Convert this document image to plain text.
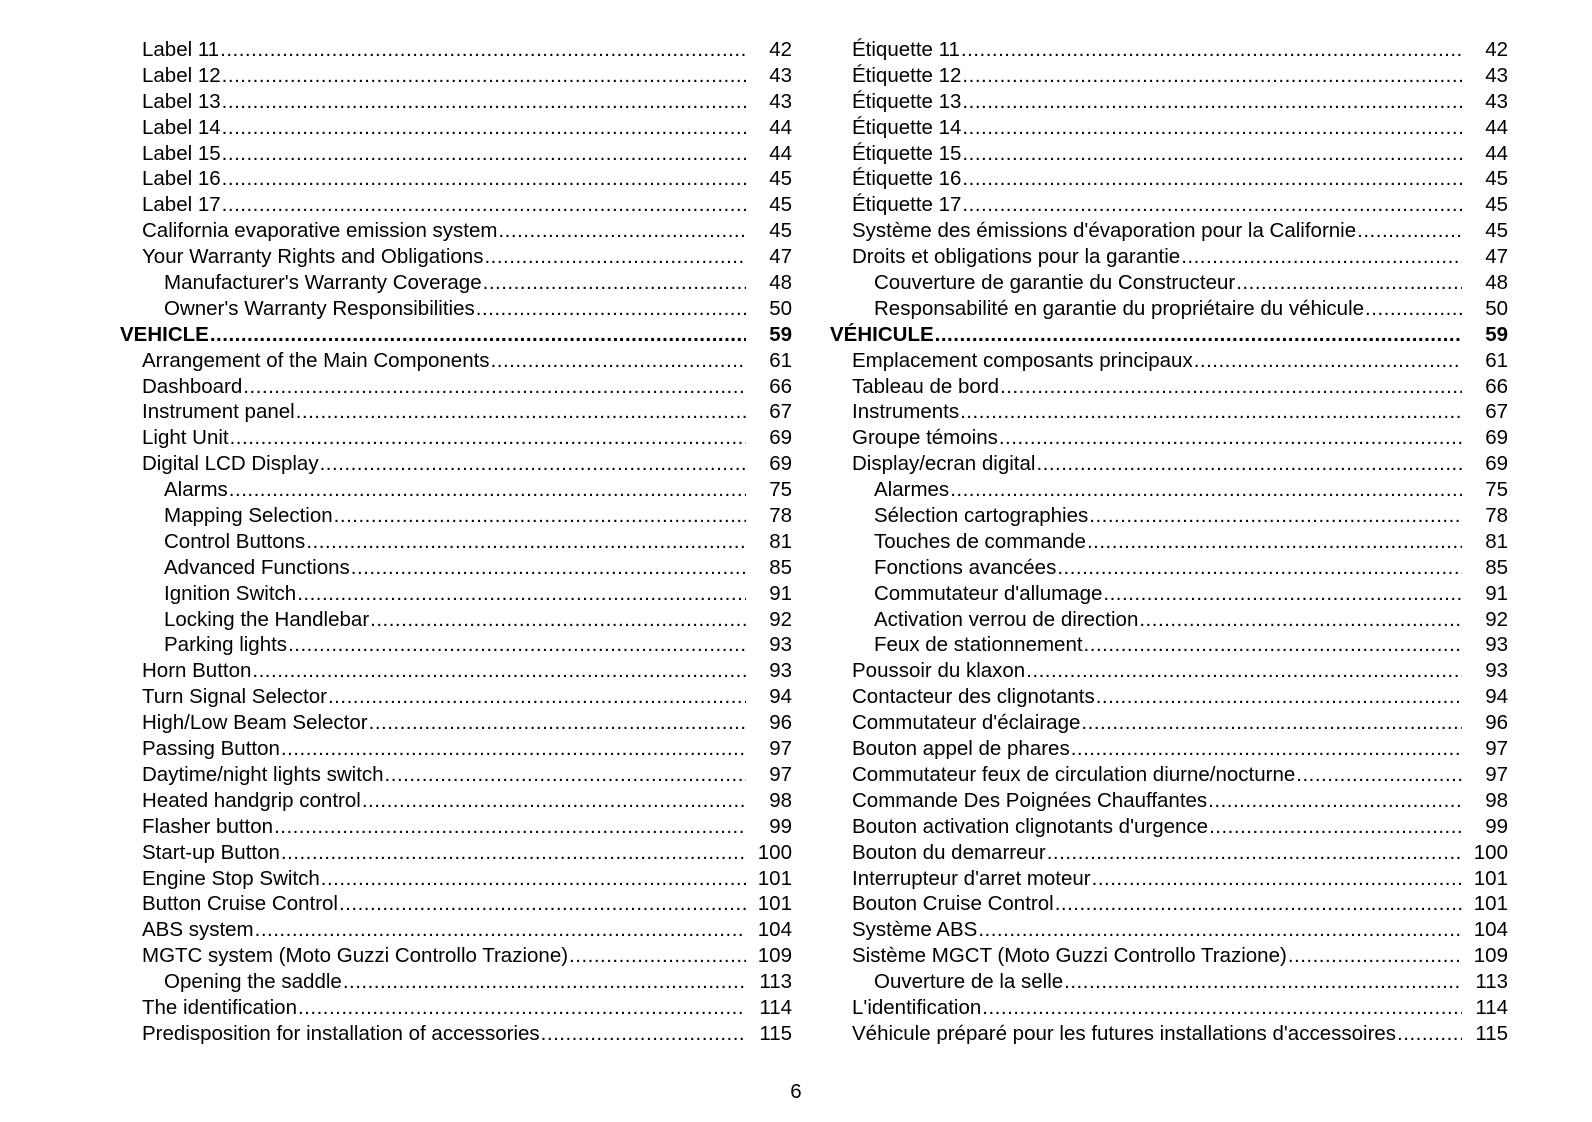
Label 11 .....	42
Label 12 .....	43
Label 13 .....	43
Label 14 .....	44
Label 15 .....	44
Label 16 .....	45
Label 17 .....	45
California evaporative emission system .....	45
Your Warranty Rights and Obligations .....	47
Manufacturer's Warranty Coverage .....	48
Owner's Warranty Responsibilities .....	50
VEHICLE .....	59
Arrangement of the Main Components .....	61
Dashboard .....	66
Instrument panel .....	67
Light Unit .....	69
Digital LCD Display .....	69
Alarms .....	75
Mapping Selection .....	78
Control Buttons .....	81
Advanced Functions .....	85
Ignition Switch .....	91
Locking the Handlebar .....	92
Parking lights .....	93
Horn Button .....	93
Turn Signal Selector .....	94
High/Low Beam Selector .....	96
Passing Button .....	97
Daytime/night lights switch .....	97
Heated handgrip control .....	98
Flasher button .....	99
Start-up Button .....	100
Engine Stop Switch .....	101
Button Cruise Control .....	101
ABS system .....	104
MGTC system (Moto Guzzi Controllo Trazione) .....	109
Opening the saddle .....	113
The identification .....	114
Predisposition for installation of accessories .....	115
Étiquette 11 .....	42
Étiquette 12 .....	43
Étiquette 13 .....	43
Étiquette 14 .....	44
Étiquette 15 .....	44
Étiquette 16 .....	45
Étiquette 17 .....	45
Système des émissions d'évaporation pour la Californie .....	45
Droits et obligations pour la garantie .....	47
Couverture de garantie du Constructeur .....	48
Responsabilité en garantie du propriétaire du véhicule .....	50
VÉHICULE .....	59
Emplacement composants principaux .....	61
Tableau de bord .....	66
Instruments .....	67
Groupe témoins .....	69
Display/ecran digital .....	69
Alarmes .....	75
Sélection cartographies .....	78
Touches de commande .....	81
Fonctions avancées .....	85
Commutateur d'allumage .....	91
Activation verrou de direction .....	92
Feux de stationnement .....	93
Poussoir du klaxon .....	93
Contacteur des clignotants .....	94
Commutateur d'éclairage .....	96
Bouton appel de phares .....	97
Commutateur feux de circulation diurne/nocturne .....	97
Commande Des Poignées Chauffantes .....	98
Bouton activation clignotants d'urgence .....	99
Bouton du demarreur .....	100
Interrupteur d'arret moteur .....	101
Bouton Cruise Control .....	101
Système ABS .....	104
Sistème MGCT (Moto Guzzi Controllo Trazione) .....	109
Ouverture de la selle .....	113
L'identification .....	114
Véhicule préparé pour les futures installations d'accessoires .....	115
6
